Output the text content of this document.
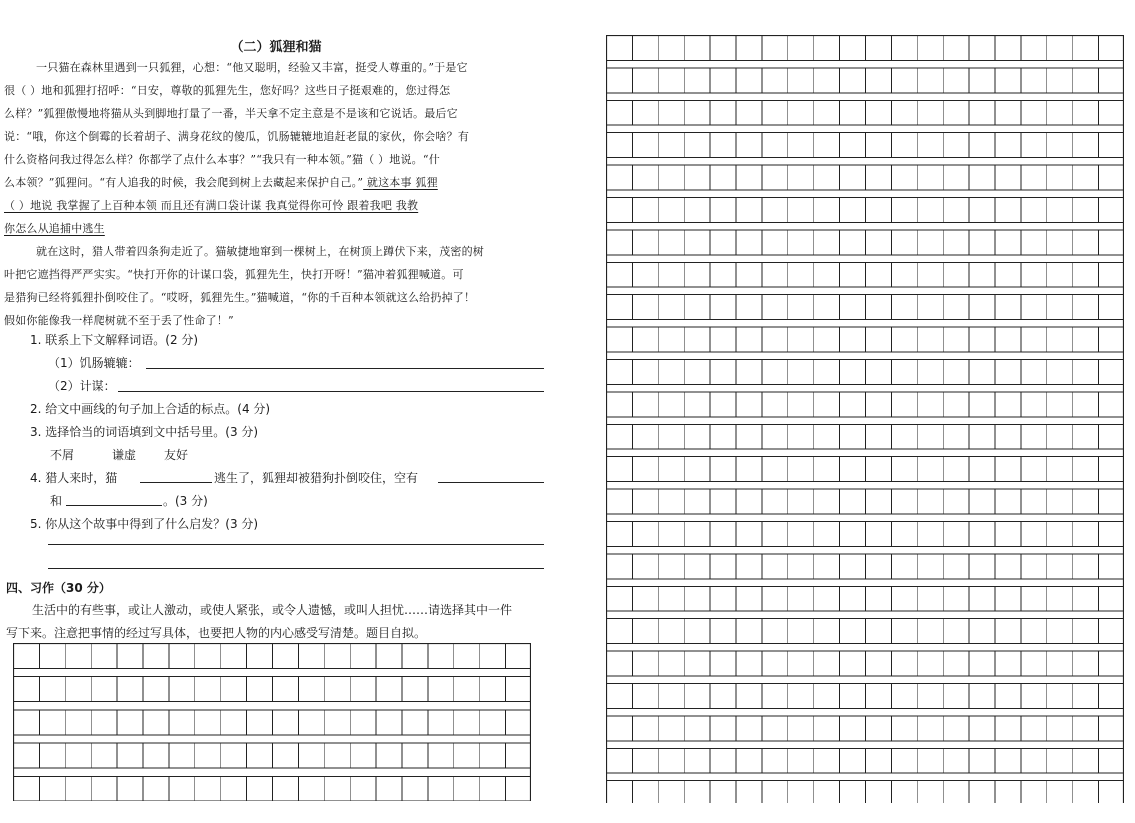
（二）狐狸和猫
一只猫在森林里遇到一只狐狸，心想：“他又聪明，经验又丰富，挺受人尊重的。”于是它
很（ ）地和狐狸打招呼：“日安，尊敬的狐狸先生，您好吗？这些日子挺艰难的，您过得怎
么样？”狐狸傲慢地将猫从头到脚地打量了一番，半天拿不定主意是不是该和它说话。最后它
说：“哦，你这个倒霉的长着胡子、满身花纹的傻瓜，饥肠辘辘地追赶老鼠的家伙，你会啥？有
什么资格问我过得怎么样？你都学了点什么本事？”“我只有一种本领。”猫（ ）地说。“什
么本领？”狐狸问。“有人追我的时候，我会爬到树上去藏起来保护自己。” 就这本事 狐狸
（ ）地说 我掌握了上百种本领 而且还有满口袋计谋 我真觉得你可怜 跟着我吧 我教
你怎么从追捕中逃生
就在这时，猎人带着四条狗走近了。猫敏捷地窜到一棵树上，在树顶上蹲伏下来，茂密的树
叶把它遮挡得严严实实。“快打开你的计谋口袋，狐狸先生，快打开呀！”猫冲着狐狸喊道。可
是猎狗已经将狐狸扑倒咬住了。“哎呀，狐狸先生。”猫喊道，“你的千百种本领就这么给扔掉了！
假如你能像我一样爬树就不至于丢了性命了！”
1. 联系上下文解释词语。(2 分)
（1）饥肠辘辘：
（2）计谋：
2. 给文中画线的句子加上合适的标点。(4 分)
3. 选择恰当的词语填到文中括号里。(3 分)
不屑	谦虚 友好
4. 猎人来时，猫	逃生了，狐狸却被猎狗扑倒咬住，空有
和	。(3 分)
5. 你从这个故事中得到了什么启发？(3 分)
四、习作（30 分）
生活中的有些事，或让人激动，或使人紧张，或令人遗憾，或叫人担忧……请选择其中一件
写下来。注意把事情的经过写具体，也要把人物的内心感受写清楚。题目自拟。
